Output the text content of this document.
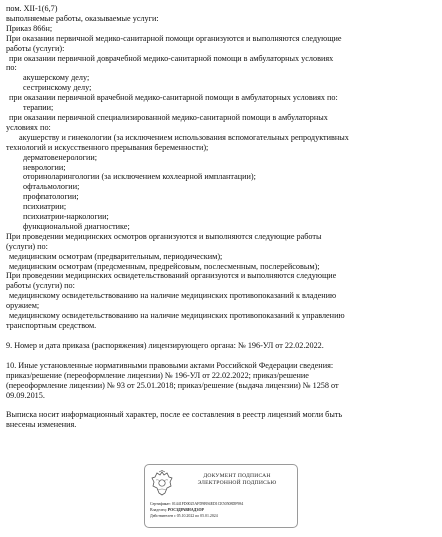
пом. XII-1(6,7)
выполняемые работы, оказываемые услуги:
Приказ 866н;
При оказании первичной медико-санитарной помощи организуются и выполняются следующие
работы (услуги):
при оказании первичной доврачебной медико-санитарной помощи в амбулаторных условиях
по:
акушерскому делу;
сестринскому делу;
при оказании первичной врачебной медико-санитарной помощи в амбулаторных условиях по:
терапии;
при оказании первичной специализированной медико-санитарной помощи в амбулаторных
условиях по:
акушерству и гинекологии (за исключением использования вспомогательных репродуктивных
технологий и искусственного прерывания беременности);
дерматовенерологии;
неврологии;
оториноларингологии (за исключением кохлеарной имплантации);
офтальмологии;
профпатологии;
психиатрии;
психиатрии-наркологии;
функциональной диагностике;
При проведении медицинских осмотров организуются и выполняются следующие работы
(услуги) по:
медицинским осмотрам (предварительным, периодическим);
медицинским осмотрам (предсменным, предрейсовым, послесменным, послерейсовым);
При проведении медицинских освидетельствований организуются и выполняются следующие
работы (услуги) по:
медицинскому освидетельствованию на наличие медицинских противопоказаний к владению
оружием;
медицинскому освидетельствованию на наличие медицинских противопоказаний к управлению
транспортным средством.
9. Номер и дата приказа (распоряжения) лицензирующего органа: № 196-УЛ от 22.02.2022.
10. Иные установленные нормативными правовыми актами Российской Федерации сведения:
приказ/решение (переоформление лицензии) № 196-УЛ от 22.02.2022; приказ/решение
(переоформление лицензии) № 93 от 25.01.2018; приказ/решение (выдача лицензии) № 1258 от
09.09.2015.
Выписка носит информационный характер, после ее составления в реестр лицензий могли быть
внесены изменения.
ДОКУМЕНТ ПОДПИСАН
ЭЛЕКТРОННОЙ ПОДПИСЬЮ
Сертификат: 01441FD0025AFD9B94ED1CE50508DF984
Владелец: РОСЗДРАВНАДЗОР
Действителен с 05.10.2022 по 05.01.2024
